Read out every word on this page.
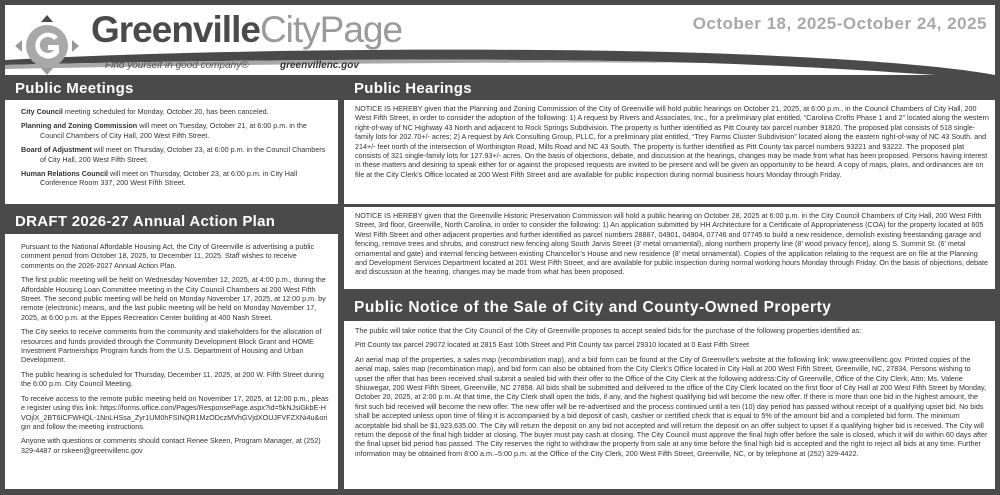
GreenvilleCityPage
Find yourself in good company®	greenvillenc.gov
October 18, 2025-October 24, 2025
Public Meetings

City Council meeting scheduled for Monday, October 20, has been canceled.

Planning and Zoning Commission will meet on Tuesday, October 21, at 6:00 p.m. in the Council Chambers of City Hall, 200 West Fifth Street.

Board of Adjustment will meet on Thursday, October 23, at 6:00 p.m. in the Council Chambers of City Hall, 200 West Fifth Street.

Human Relations Council will meet on Thursday, October 23, at 6:00 p.m. in City Hall Conference Room 337, 200 West Fifth Street.

DRAFT 2026-27 Annual Action Plan

Pursuant to the National Affordable Housing Act, the City of Greenville is advertising a public comment period from October 18, 2025, to December 11, 2025. Staff wishes to receive comments on the 2026-2027 Annual Action Plan.

The first public meeting will be held on Wednesday November 12, 2025, at 4:00 p.m., during the Affordable Housing Loan Committee meeting in the City Council Chambers at 200 West Fifth Street. The second public meeting will be held on Monday November 17, 2025, at 12:00 p.m. by remote (electronic) means, and the last public meeting will be held on Monday November 17, 2025, at 6:00 p.m. at the Eppes Recreation Center building at 400 Nash Street.

The City seeks to receive comments from the community and stakeholders for the allocation of resources and funds provided through the Community Development Block Grant and HOME Investment Partnerships Program funds from the U.S. Department of Housing and Urban Development.

The public hearing is scheduled for Thursday, December 11, 2025, at 200 W. Fifth Street during the 6:00 p.m. City Council Meeting.

To receive access to the remote public meeting held on November 17, 2025, at 12:00 p.m., please register using this link: https://forms.office.com/Pages/ResponsePage.aspx?id=5kNJsiGkbE-HVOjlX_2BT6ICFWHQL-1NnLHSsa_Zyr1UM0hFSINQR1MzODczMVhGVjdXOUJFVFZXNi4u&origin and follow the meeting instructions.

Anyone with questions or comments should contact Renee Skeen, Program Manager, at (252) 329-4487 or rskeen@greenvillenc.gov

Public Hearings

NOTICE IS HEREBY given that the Planning and Zoning Commission of the City of Greenville will hold public hearings on October 21, 2025, at 6:00 p.m., in the Council Chambers of City Hall, 200 West Fifth Street, in order to consider the adoption of the following: 1) A request by Rivers and Associates, Inc., for a preliminary plat entitled, “Carolina Crofts Phase 1 and 2” located along the western right-of-way of NC Highway 43 North and adjacent to Rock Springs Subdivision. The property is further identified as Pitt County tax parcel number 91820. The proposed plat consists of 518 single-family lots for 202.70+/- acres; 2) A request by Ark Consulting Group, PLLC, for a preliminary plat entitled, “Trey Farms Cluster Subdivision” located along the eastern right-of-way of NC 43 South. and 214+/- feet north of the intersection of Worthington Road, Mills Road and NC 43 South. The property is further identified as Pitt County tax parcel numbers 93221 and 93222. The proposed plat consists of 321 single-family lots for 127.93+/- acres. On the basis of objections, debate, and discussion at the hearings, changes may be made from what has been proposed. Persons having interest in these matters and desiring to speak either for or against the proposed requests are invited to be present and will be given an opportunity to be heard. A copy of maps, plans, and ordinances are on file at the City Clerk’s Office located at 200 West Fifth Street and are available for public inspection during normal business hours Monday through Friday.

NOTICE IS HEREBY given that the Greenville Historic Preservation Commission will hold a public hearing on October 28, 2025 at 6:00 p.m. in the City Council Chambers of City Hall, 200 West Fifth Street, 3rd floor, Greenville, North Carolina, in order to consider the following: 1) An application submitted by HH Architecture for a Certificate of Appropriateness (COA) for the property located at 605 West Fifth Street and other adjacent properties and further identified as parcel numbers 28887, 04901, 04904, 07746 and 07745 to build a new residence, demolish existing freestanding garage and fencing, remove trees and shrubs, and construct new fencing along South Jarvis Street (3’ metal ornamental), along northern property line (8’ wood privacy fence), along S. Summit St. (6’ metal ornamental and gate) and internal fencing between existing Chancellor’s House and new residence (8’ metal ornamental). Copies of the application relating to the request are on file at the Planning and Development Services Department located at 201 West Fifth Street, and are available for public inspection during normal working hours Monday through Friday. On the basis of objections, debate and discussion at the hearing, changes may be made from what has been proposed.

Public Notice of the Sale of City and County-Owned Property

The public will take notice that the City Council of the City of Greenville proposes to accept sealed bids for the purchase of the following properties identified as:

Pitt County tax parcel 29072 located at 2815 East 10th Street and Pitt County tax parcel 29310 located at 0 East Fifth Street

An aerial map of the properties, a sales map (recombination map), and a bid form can be found at the City of Greenville’s website at the following link: www.greenvillenc.gov. Printed copies of the aerial map, sales map (recombination map), and bid form can also be obtained from the City Clerk’s Office located in City Hall at 200 West Fifth Street, Greenville, NC, 27834. Persons wishing to upset the offer that has been received shall submit a sealed bid with their offer to the Office of the City Clerk at the following address:City of Greenville, Office of the City Clerk, Attn: Ms. Valerie Shiuwegar, 200 West Fifth Street, Greenville, NC 27858. All bids shall be submitted and delivered to the office of the City Clerk located on the first floor of City Hall at 200 West Fifth Street by Monday, October 20, 2025, at 2:00 p.m. At that time, the City Clerk shall open the bids, if any, and the highest qualifying bid will become the new offer. If there is more than one bid in the highest amount, the first such bid received will become the new offer. The new offer will be re-advertised and the process continued until a ten (10) day period has passed without receipt of a qualifying upset bid. No bids shall be accepted unless upon time of filing it is accompanied by a bid deposit of cash, cashier or certified check that is equal to 5% of the amount bid and a completed bid form. The minimum acceptable bid shall be $1,923,635.00. The City will return the deposit on any bid not accepted and will return the deposit on an offer subject to upset if a qualifying higher bid is received. The City will return the deposit of the final high bidder at closing. The buyer must pay cash at closing. The City Council must approve the final high offer before the sale is closed, which it will do within 60 days after the final upset bid period has passed. The City reserves the right to withdraw the property from sale at any time before the final high bid is accepted and the right to reject all bids at any time. Further information may be obtained from 8:00 a.m.–5:00 p.m. at the Office of the City Clerk, 200 West Fifth Street, Greenville, NC, or by telephone at (252) 329-4422.
